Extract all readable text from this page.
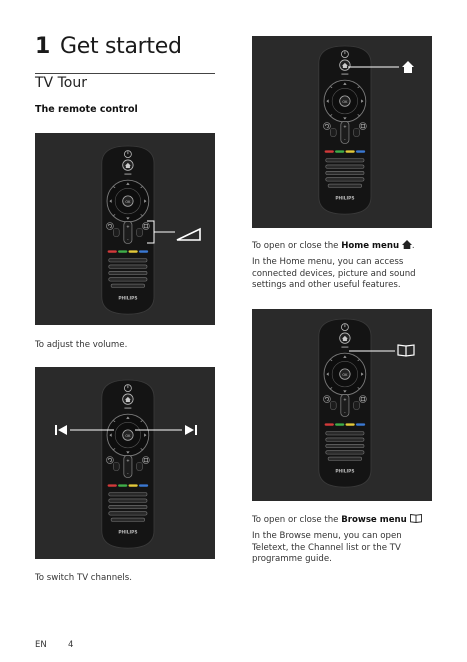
1 Get started
TV Tour
The remote control
To adjust the volume.
To switch TV channels.
To open or close the Home menu .
In the Home menu, you can access connected devices, picture and sound settings and other useful features.
To open or close the Browse menu
In the Browse menu, you can open Teletext, the Channel list or the TV programme guide.
EN	4
